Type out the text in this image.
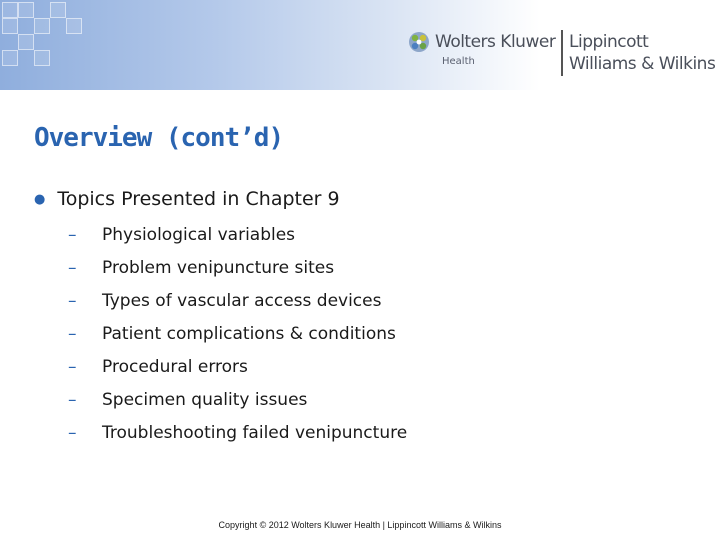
Wolters Kluwer
Health
Lippincott
Williams & Wilkins
Overview (cont’d)
● Topics Presented in Chapter 9
– Physiological variables
– Problem venipuncture sites
– Types of vascular access devices
– Patient complications & conditions
– Procedural errors
– Specimen quality issues
– Troubleshooting failed venipuncture
Copyright © 2012 Wolters Kluwer Health | Lippincott Williams & Wilkins
